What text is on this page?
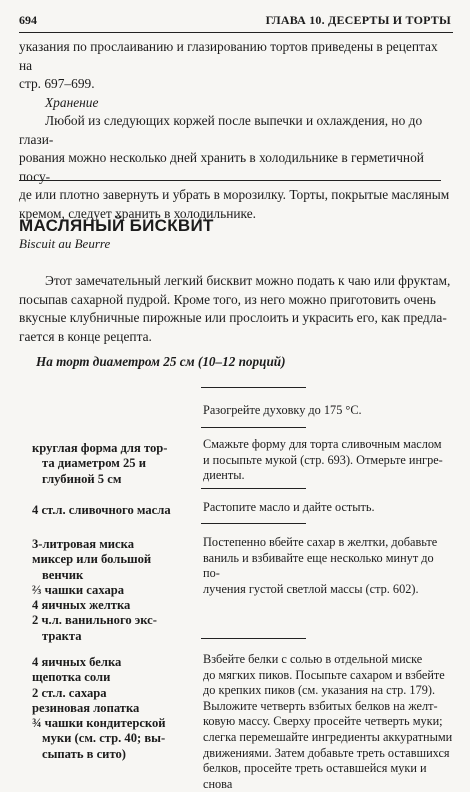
694	ГЛАВА 10. ДЕСЕРТЫ И ТОРТЫ

указания по прослаиванию и глазированию тортов приведены в рецептах на

стр. 697–699.

Хранение

Любой из следующих коржей после выпечки и охлаждения, но до глази-

рования можно несколько дней хранить в холодильнике в герметичной посу-

де или плотно завернуть и убрать в морозилку. Торты, покрытые масляным

кремом, следует хранить в холодильнике.

МАСЛЯНЫЙ БИСКВИТ
Biscuit au Beurre

Этот замечательный легкий бисквит можно подать к чаю или фруктам,

посыпав сахарной пудрой. Кроме того, из него можно приготовить очень

вкусные клубничные пирожные или прослоить и украсить его, как предла-

гается в конце рецепта.

На торт диаметром 25 см (10–12 порций)
Разогрейте духовку до 175 °С.
круглая форма для тор-
та диаметром 25 и
глубиной 5 см
Смажьте форму для торта сливочным маслом
и посыпьте мукой (стр. 693). Отмерьте ингре-
диенты.
4 ст.л. сливочного масла	Растопите масло и дайте остыть.
3-литровая миска
миксер или большой
венчик
⅔ чашки сахара
4 яичных желтка
2 ч.л. ванильного экс-
тракта
Постепенно вбейте сахар в желтки, добавьте
ваниль и взбивайте еще несколько минут до по-
лучения густой светлой массы (стр. 602).
4 яичных белка
щепотка соли
2 ст.л. сахара
резиновая лопатка
¾ чашки кондитерской
муки (см. стр. 40; вы-
сыпать в сито)
Взбейте белки с солью в отдельной миске
до мягких пиков. Посыпьте сахаром и взбейте
до крепких пиков (см. указания на стр. 179).
Выложите четверть взбитых белков на желт-
ковую массу. Сверху просейте четверть муки;
слегка перемешайте ингредиенты аккуратными
движениями. Затем добавьте треть оставшихся
белков, просейте треть оставшейся муки и снова
